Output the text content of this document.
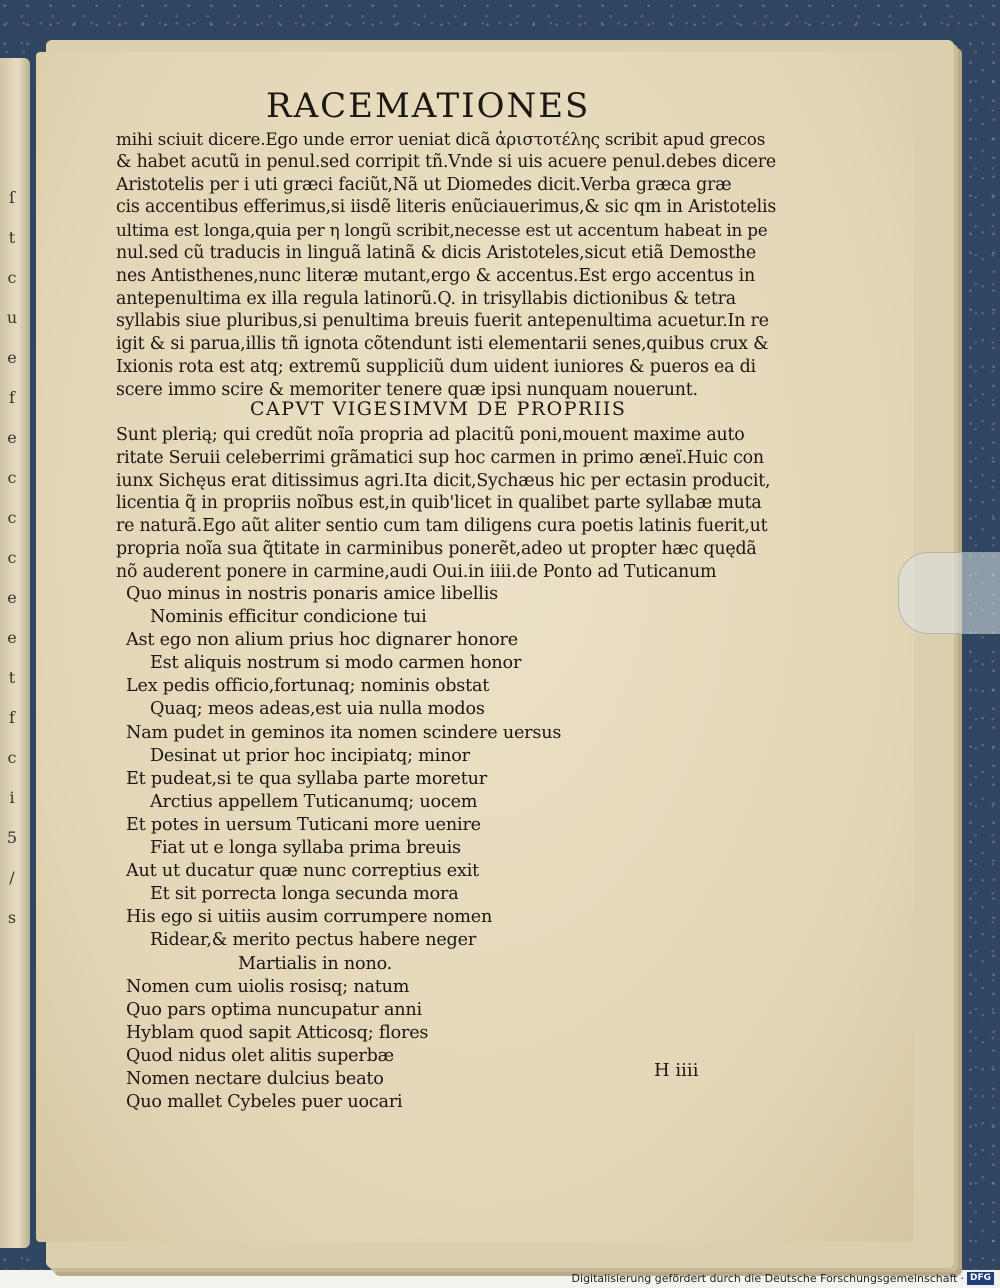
ſ
t
c
u
e
f
e
c
c
c
e
e
t
f
c
i
5
/
s
RACEMATIONES
mihi sciuit dicere.Ego unde error ueniat dicã ἀριστοτέλης scribit apud grecos
& habet acutũ in penul.sed corripit tñ.Vnde si uis acuere penul.debes dicere
Aristotelis per i uti græci faciũt,Nã ut Diomedes dicit.Verba græca græ
cis accentibus efferimus,si iisdẽ literis enũciauerimus,& sic qm in Aristotelis
ultima est longa,quia per η longũ scribit,necesse est ut accentum habeat in pe
nul.sed cũ traducis in linguã latinã & dicis Aristoteles,sicut etiã Demosthe
nes Antisthenes,nunc literæ mutant,ergo & accentus.Est ergo accentus in
antepenultima ex illa regula latinorũ.Q. in trisyllabis dictionibus & tetra
syllabis siue pluribus,si penultima breuis fuerit antepenultima acuetur.In re
igit & si parua,illis tñ ignota cõtendunt isti elementarii senes,quibus crux &
Ixionis rota est atq; extremũ suppliciũ dum uident iuniores & pueros ea di
scere immo scire & memoriter tenere quæ ipsi nunquam nouerunt.
CAPVT VIGESIMVM DE PROPRIIS
Sunt plerią; qui credũt noĩa propria ad placitũ poni,mouent maxime auto
ritate Seruii celeberrimi grãmatici sup hoc carmen in primo æneï.Huic con
iunx Sichęus erat ditissimus agri.Ita dicit,Sychæus hic per ectasin producit,
licentia q̃ in propriis noĩbus est,in quib'licet in qualibet parte syllabæ muta
re naturã.Ego aũt aliter sentio cum tam diligens cura poetis latinis fuerit,ut
propria noĩa sua q̃titate in carminibus ponerẽt,adeo ut propter hæc quędã
nõ auderent ponere in carmine,audi Oui.in iiii.de Ponto ad Tuticanum
Quo minus in nostris ponaris amice libellis
Nominis efficitur condicione tui
Ast ego non alium prius hoc dignarer honore
Est aliquis nostrum si modo carmen honor
Lex pedis officio,fortunaq; nominis obstat
Quaq; meos adeas,est uia nulla modos
Nam pudet in geminos ita nomen scindere uersus
Desinat ut prior hoc incipiatq; minor
Et pudeat,si te qua syllaba parte moretur
Arctius appellem Tuticanumq; uocem
Et potes in uersum Tuticani more uenire
Fiat ut e longa syllaba prima breuis
Aut ut ducatur quæ nunc correptius exit
Et sit porrecta longa secunda mora
His ego si uitiis ausim corrumpere nomen
Ridear,& merito pectus habere neger
Martialis in nono.
Nomen cum uiolis rosisq; natum
Quo pars optima nuncupatur anni
Hyblam quod sapit Atticosq; flores
Quod nidus olet alitis superbæ
Nomen nectare dulcius beato
Quo mallet Cybeles puer uocari
H iiii
Digitalisierung gefördert durch die Deutsche Forschungsgemeinschaft · DFG
